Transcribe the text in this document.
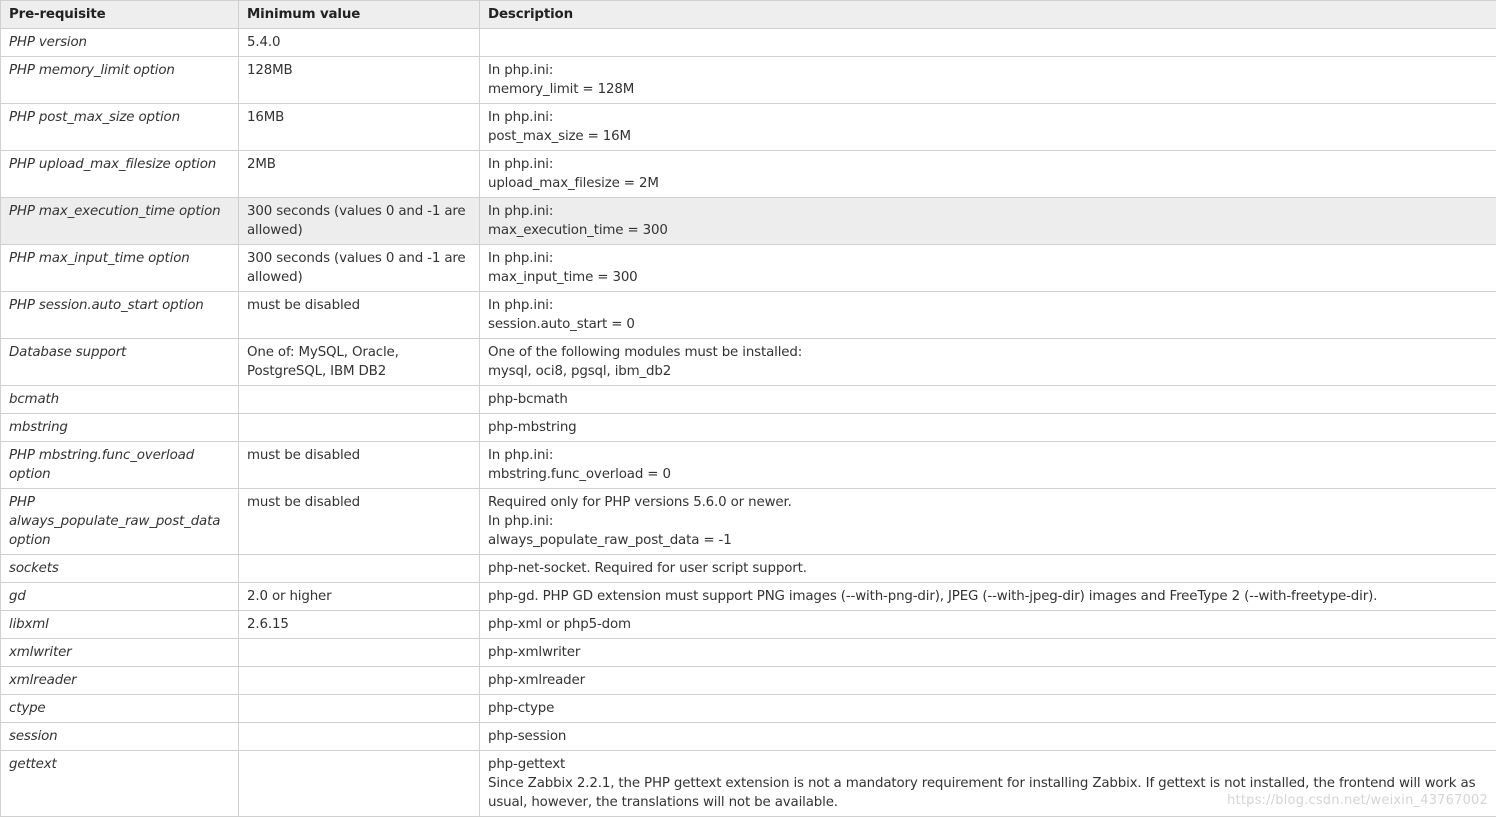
Pre-requisite	Minimum value	Description
PHP version	5.4.0	
PHP memory_limit option	128MB	In php.ini:
memory_limit = 128M

PHP post_max_size option	16MB	In php.ini:
post_max_size = 16M

PHP upload_max_filesize option	2MB	In php.ini:
upload_max_filesize = 2M

PHP max_execution_time option	300 seconds (values 0 and -1 are allowed)	In php.ini:
max_execution_time = 300

PHP max_input_time option	300 seconds (values 0 and -1 are allowed)	In php.ini:
max_input_time = 300

PHP session.auto_start option	must be disabled	In php.ini:
session.auto_start = 0

Database support	One of: MySQL, Oracle, PostgreSQL, IBM DB2	One of the following modules must be installed:
mysql, oci8, pgsql, ibm_db2

bcmath		php-bcmath

mbstring		php-mbstring

PHP mbstring.func_overload option	must be disabled	In php.ini:
mbstring.func_overload = 0

PHP always_populate_raw_post_data option	must be disabled	Required only for PHP versions 5.6.0 or newer.
In php.ini:
always_populate_raw_post_data = -1

sockets		php-net-socket. Required for user script support.

gd	2.0 or higher	php-gd. PHP GD extension must support PNG images (--with-png-dir), JPEG (--with-jpeg-dir) images and FreeType 2 (--with-freetype-dir).

libxml	2.6.15	php-xml or php5-dom

xmlwriter		php-xmlwriter

xmlreader		php-xmlreader

ctype		php-ctype

session		php-session

gettext		php-gettext
Since Zabbix 2.2.1, the PHP gettext extension is not a mandatory requirement for installing Zabbix. If gettext is not installed, the frontend will work as usual, however, the translations will not be available.	https://blog.csdn.net/weixin_43767002
